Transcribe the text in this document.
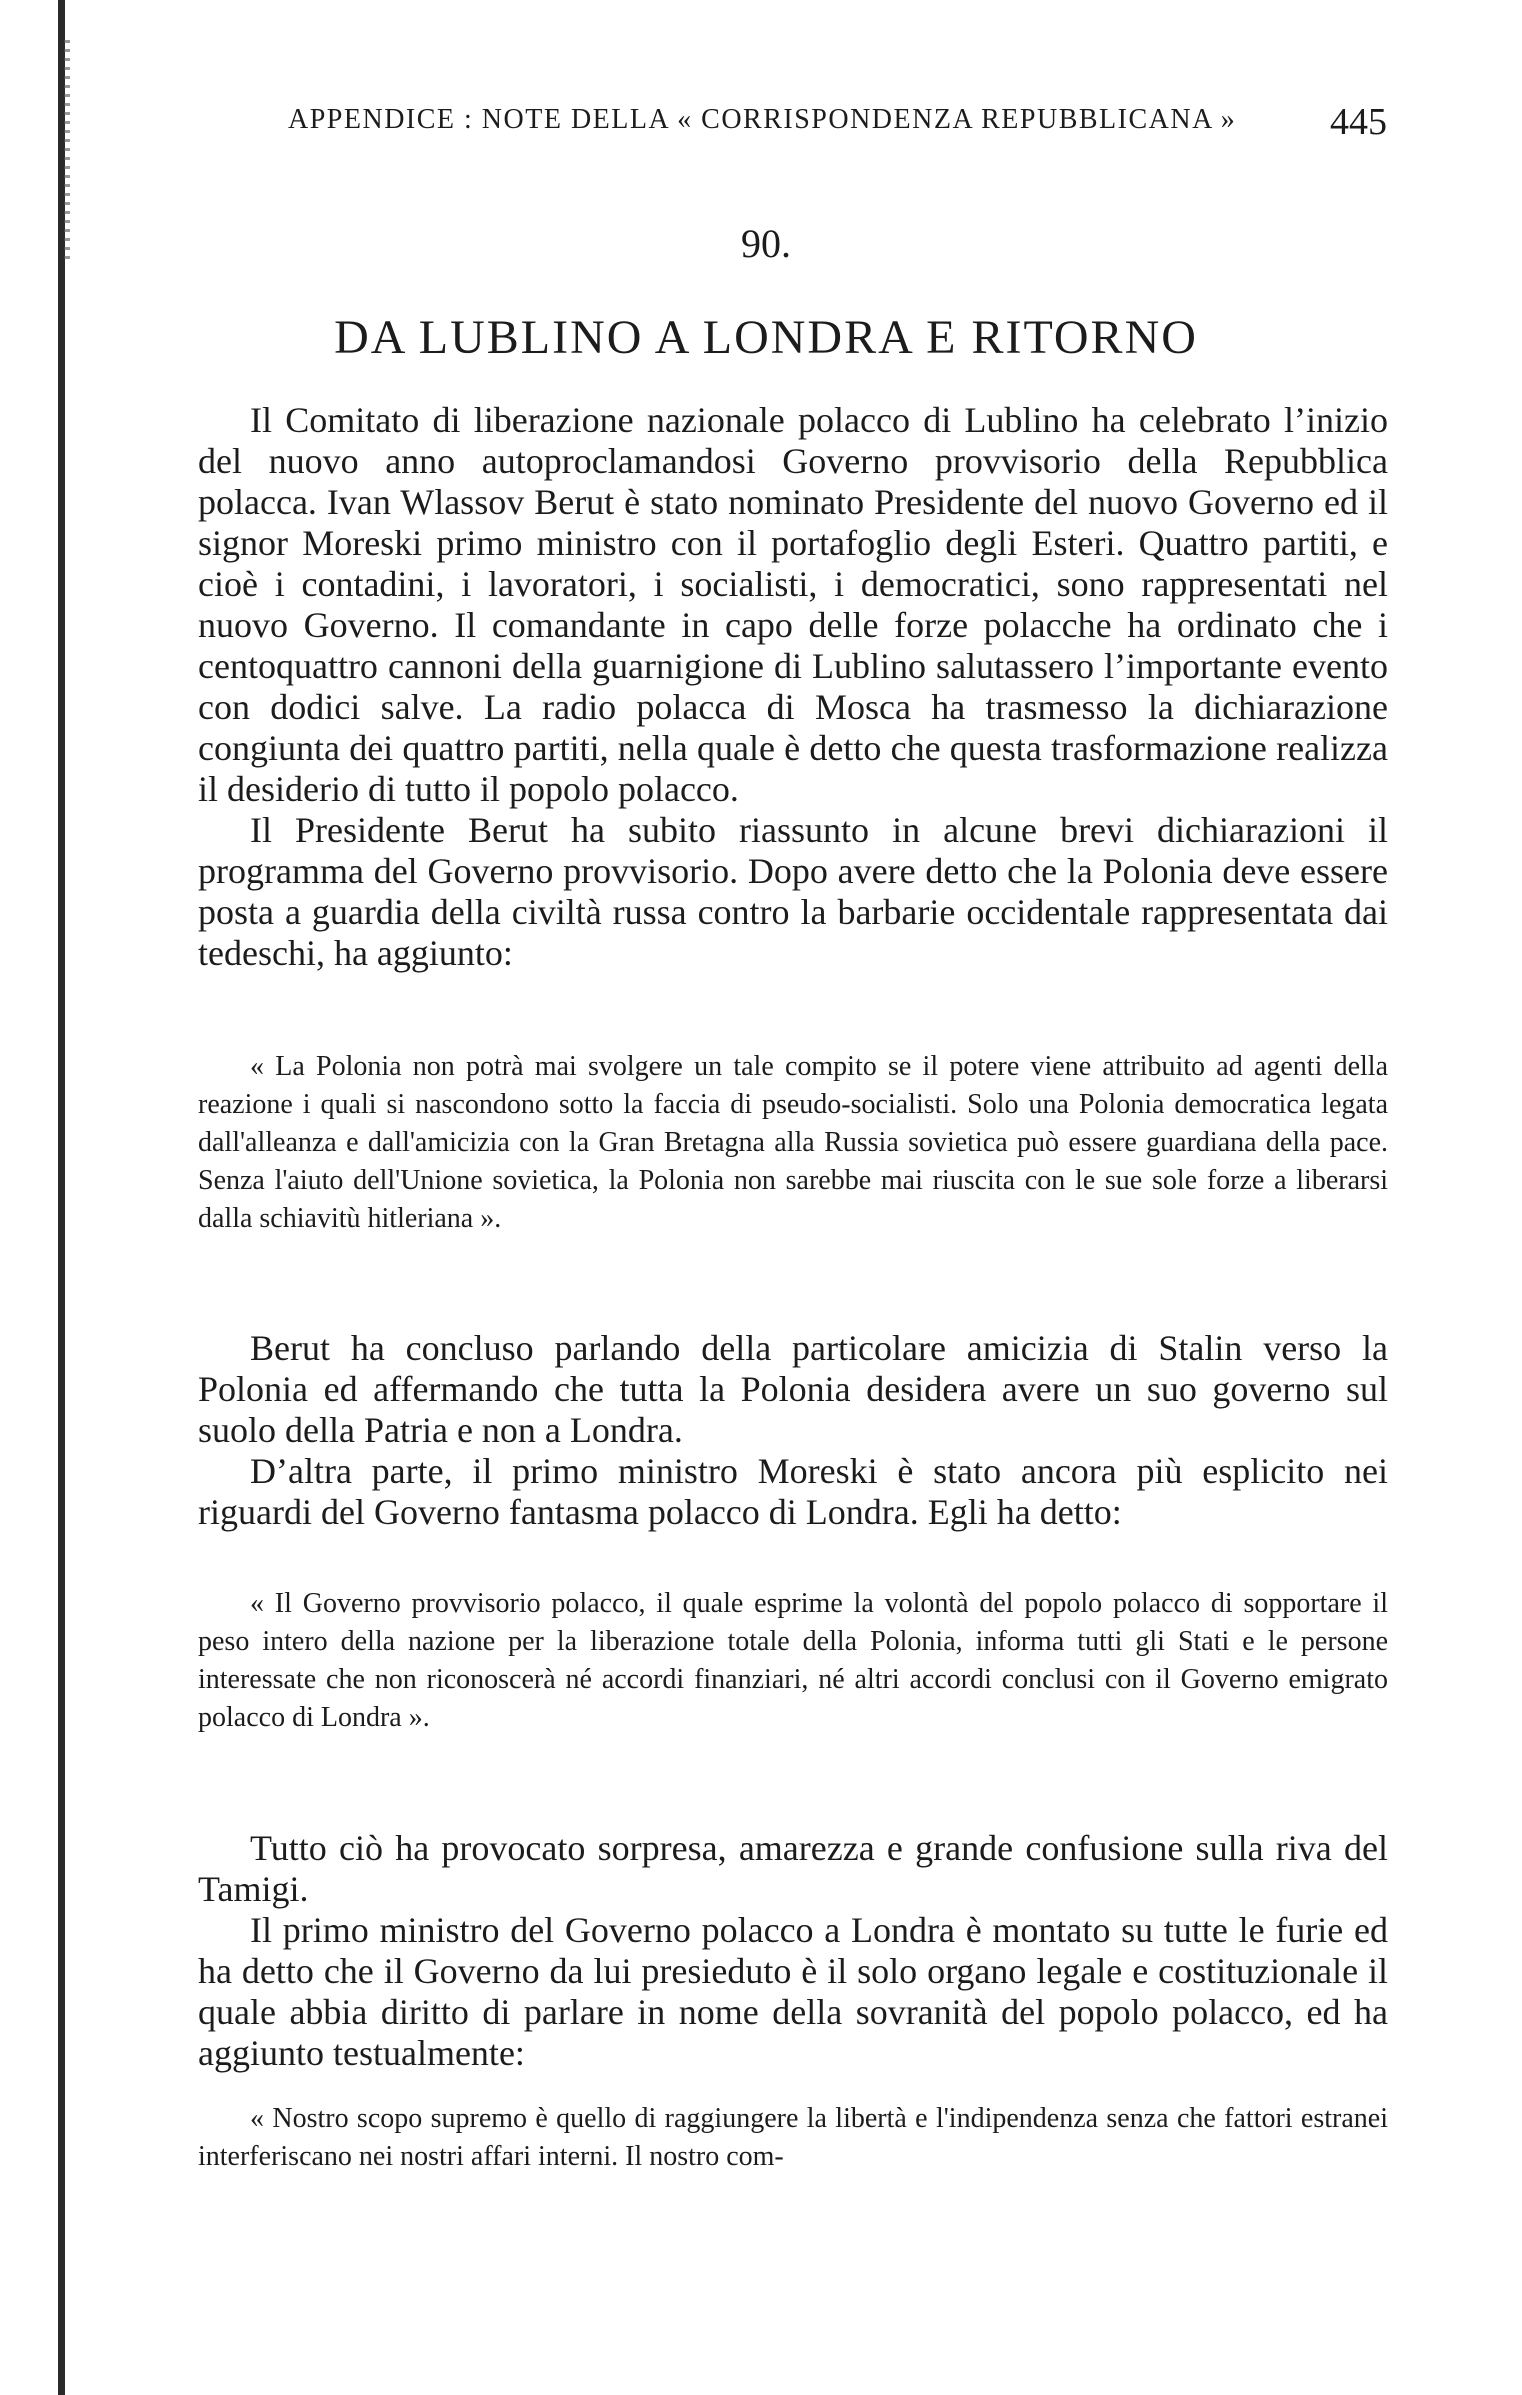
APPENDICE : NOTE DELLA « CORRISPONDENZA REPUBBLICANA » 445
90.
DA LUBLINO A LONDRA E RITORNO

Il Comitato di liberazione nazionale polacco di Lublino ha celebrato l’inizio del nuovo anno autoproclamandosi Governo provvisorio della Repubblica polacca. Ivan Wlassov Berut è stato nominato Presidente del nuovo Governo ed il signor Moreski primo ministro con il portafoglio degli Esteri. Quattro partiti, e cioè i contadini, i lavoratori, i socialisti, i democratici, sono rappresentati nel nuovo Governo. Il comandante in capo delle forze polacche ha ordinato che i centoquattro cannoni della guarnigione di Lublino salutassero l’importante evento con dodici salve. La radio polacca di Mosca ha trasmesso la dichiarazione congiunta dei quattro partiti, nella quale è detto che questa trasformazione realizza il desiderio di tutto il popolo polacco.

Il Presidente Berut ha subito riassunto in alcune brevi dichiarazioni il programma del Governo provvisorio. Dopo avere detto che la Polonia deve essere posta a guardia della civiltà russa contro la barbarie occidentale rappresentata dai tedeschi, ha aggiunto:

« La Polonia non potrà mai svolgere un tale compito se il potere viene attribuito ad agenti della reazione i quali si nascondono sotto la faccia di pseudo-socialisti. Solo una Polonia democratica legata dall'alleanza e dall'amicizia con la Gran Bretagna alla Russia sovietica può essere guardiana della pace. Senza l'aiuto dell'Unione sovietica, la Polonia non sarebbe mai riuscita con le sue sole forze a liberarsi dalla schiavitù hitleriana ».

Berut ha concluso parlando della particolare amicizia di Stalin verso la Polonia ed affermando che tutta la Polonia desidera avere un suo governo sul suolo della Patria e non a Londra.

D’altra parte, il primo ministro Moreski è stato ancora più esplicito nei riguardi del Governo fantasma polacco di Londra. Egli ha detto:

« Il Governo provvisorio polacco, il quale esprime la volontà del popolo polacco di sopportare il peso intero della nazione per la liberazione totale della Polonia, informa tutti gli Stati e le persone interessate che non riconoscerà né accordi finanziari, né altri accordi conclusi con il Governo emigrato polacco di Londra ».

Tutto ciò ha provocato sorpresa, amarezza e grande confusione sulla riva del Tamigi.

Il primo ministro del Governo polacco a Londra è montato su tutte le furie ed ha detto che il Governo da lui presieduto è il solo organo legale e costituzionale il quale abbia diritto di parlare in nome della sovranità del popolo polacco, ed ha aggiunto testualmente:

« Nostro scopo supremo è quello di raggiungere la libertà e l'indipendenza senza che fattori estranei interferiscano nei nostri affari interni. Il nostro com-
